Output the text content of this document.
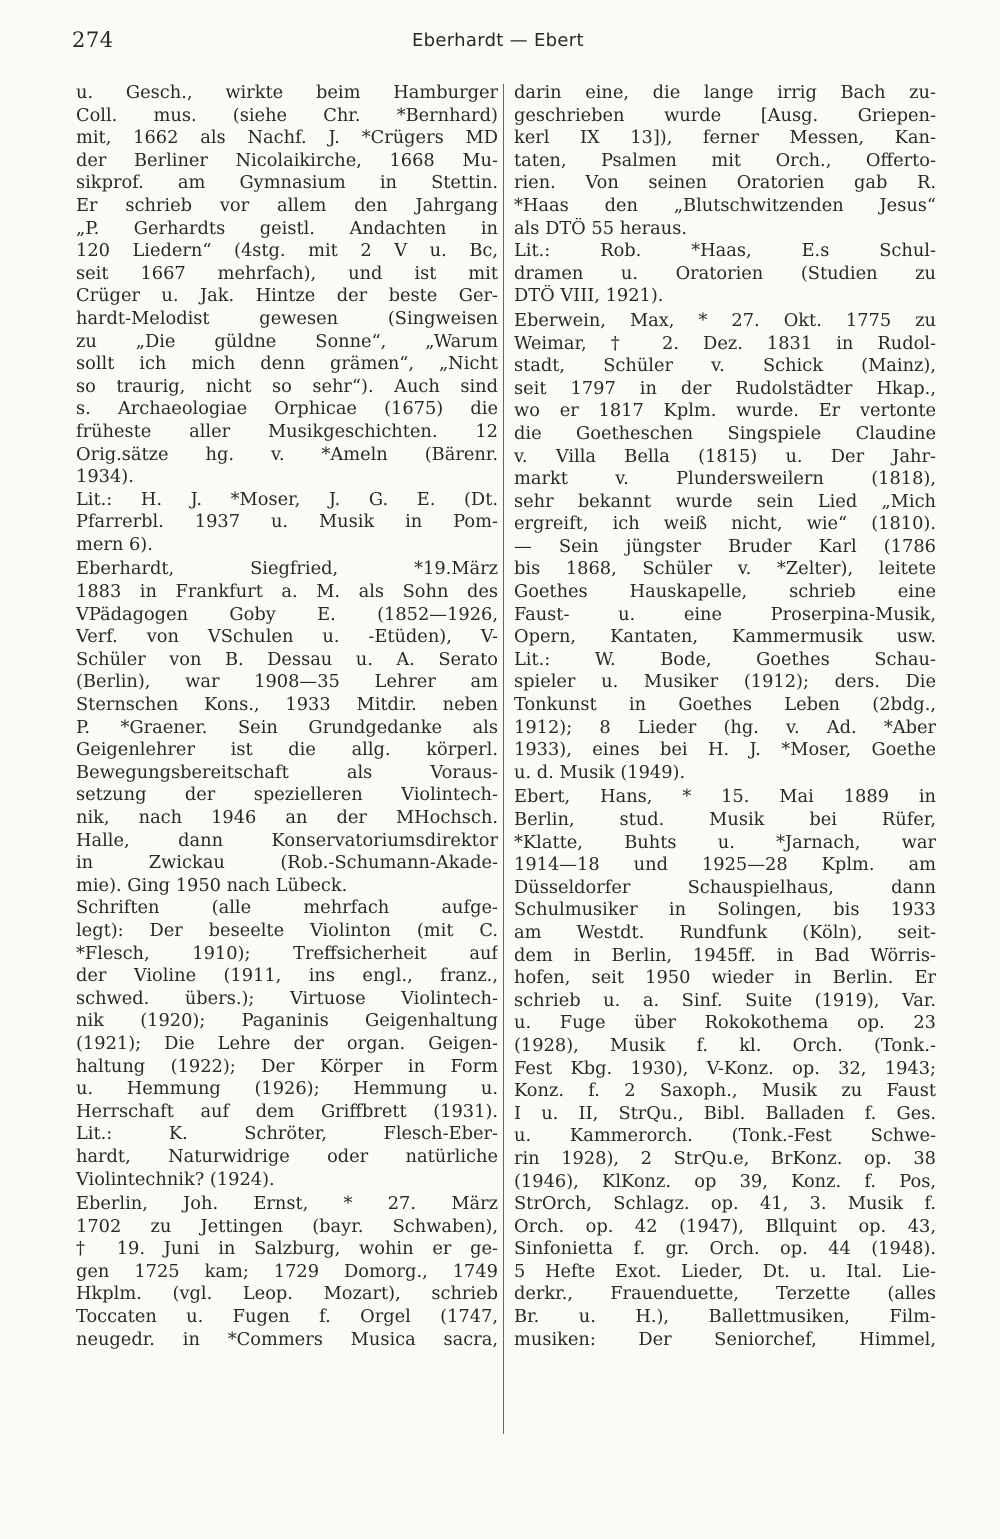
274	Eberhardt — Ebert
u. Gesch., wirkte beim Hamburger
Coll. mus. (siehe Chr. *Bernhard)
mit, 1662 als Nachf. J. *Crügers MD
der Berliner Nicolaikirche, 1668 Mu-
sikprof. am Gymnasium in Stettin.
Er schrieb vor allem den Jahrgang
„P. Gerhardts geistl. Andachten in
120 Liedern“ (4stg. mit 2 V u. Bc,
seit 1667 mehrfach), und ist mit
Crüger u. Jak. Hintze der beste Ger-
hardt-Melodist gewesen (Singweisen
zu „Die güldne Sonne“, „Warum
sollt ich mich denn grämen“, „Nicht
so traurig, nicht so sehr“). Auch sind
s. Archaeologiae Orphicae (1675) die
früheste aller Musikgeschichten. 12
Orig.sätze hg. v. *Ameln (Bärenr.
1934).
Lit.: H. J. *Moser, J. G. E. (Dt.
Pfarrerbl. 1937 u. Musik in Pom-
mern 6).
Eberhardt, Siegfried, *19.März
1883 in Frankfurt a. M. als Sohn des
VPädagogen Goby E. (1852—1926,
Verf. von VSchulen u. -Etüden), V-
Schüler von B. Dessau u. A. Serato
(Berlin), war 1908—35 Lehrer am
Sternschen Kons., 1933 Mitdir. neben
P. *Graener. Sein Grundgedanke als
Geigenlehrer ist die allg. körperl.
Bewegungsbereitschaft als Voraus-
setzung der spezielleren Violintech-
nik, nach 1946 an der MHochsch.
Halle, dann Konservatoriumsdirektor
in Zwickau (Rob.-Schumann-Akade-
mie). Ging 1950 nach Lübeck.
Schriften (alle mehrfach aufge-
legt): Der beseelte Violinton (mit C.
*Flesch, 1910); Treffsicherheit auf
der Violine (1911, ins engl., franz.,
schwed. übers.); Virtuose Violintech-
nik (1920); Paganinis Geigenhaltung
(1921); Die Lehre der organ. Geigen-
haltung (1922); Der Körper in Form
u. Hemmung (1926); Hemmung u.
Herrschaft auf dem Griffbrett (1931).
Lit.: K. Schröter, Flesch-Eber-
hardt, Naturwidrige oder natürliche
Violintechnik? (1924).
Eberlin, Joh. Ernst, * 27. März
1702 zu Jettingen (bayr. Schwaben),
† 19. Juni in Salzburg, wohin er ge-
gen 1725 kam; 1729 Domorg., 1749
Hkplm. (vgl. Leop. Mozart), schrieb
Toccaten u. Fugen f. Orgel (1747,
neugedr. in *Commers Musica sacra,
darin eine, die lange irrig Bach zu-
geschrieben wurde [Ausg. Griepen-
kerl IX 13]), ferner Messen, Kan-
taten, Psalmen mit Orch., Offerto-
rien. Von seinen Oratorien gab R.
*Haas den „Blutschwitzenden Jesus“
als DTÖ 55 heraus.
Lit.: Rob. *Haas, E.s Schul-
dramen u. Oratorien (Studien zu
DTÖ VIII, 1921).
Eberwein, Max, * 27. Okt. 1775 zu
Weimar, † 2. Dez. 1831 in Rudol-
stadt, Schüler v. Schick (Mainz),
seit 1797 in der Rudolstädter Hkap.,
wo er 1817 Kplm. wurde. Er vertonte
die Goetheschen Singspiele Claudine
v. Villa Bella (1815) u. Der Jahr-
markt v. Plundersweilern (1818),
sehr bekannt wurde sein Lied „Mich
ergreift, ich weiß nicht, wie“ (1810).
— Sein jüngster Bruder Karl (1786
bis 1868, Schüler v. *Zelter), leitete
Goethes Hauskapelle, schrieb eine
Faust- u. eine Proserpina-Musik,
Opern, Kantaten, Kammermusik usw.
Lit.: W. Bode, Goethes Schau-
spieler u. Musiker (1912); ders. Die
Tonkunst in Goethes Leben (2bdg.,
1912); 8 Lieder (hg. v. Ad. *Aber
1933), eines bei H. J. *Moser, Goethe
u. d. Musik (1949).
Ebert, Hans, * 15. Mai 1889 in
Berlin, stud. Musik bei Rüfer,
*Klatte, Buhts u. *Jarnach, war
1914—18 und 1925—28 Kplm. am
Düsseldorfer Schauspielhaus, dann
Schulmusiker in Solingen, bis 1933
am Westdt. Rundfunk (Köln), seit-
dem in Berlin, 1945ff. in Bad Wörris-
hofen, seit 1950 wieder in Berlin. Er
schrieb u. a. Sinf. Suite (1919), Var.
u. Fuge über Rokokothema op. 23
(1928), Musik f. kl. Orch. (Tonk.-
Fest Kbg. 1930), V-Konz. op. 32, 1943;
Konz. f. 2 Saxoph., Musik zu Faust
I u. II, StrQu., Bibl. Balladen f. Ges.
u. Kammerorch. (Tonk.-Fest Schwe-
rin 1928), 2 StrQu.e, BrKonz. op. 38
(1946), KlKonz. op 39, Konz. f. Pos,
StrOrch, Schlagz. op. 41, 3. Musik f.
Orch. op. 42 (1947), Bllquint op. 43,
Sinfonietta f. gr. Orch. op. 44 (1948).
5 Hefte Exot. Lieder, Dt. u. Ital. Lie-
derkr., Frauenduette, Terzette (alles
Br. u. H.), Ballettmusiken, Film-
musiken: Der Seniorchef, Himmel,
